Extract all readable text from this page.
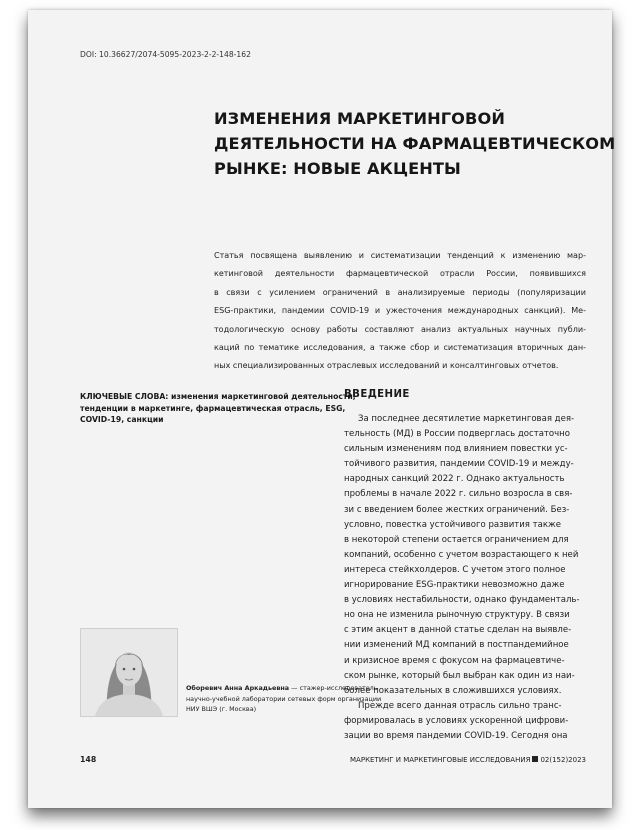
DOI: 10.36627/2074-5095-2023-2-2-148-162
ИЗМЕНЕНИЯ МАРКЕТИНГОВОЙ
ДЕЯТЕЛЬНОСТИ НА ФАРМАЦЕВТИЧЕСКОМ
РЫНКЕ: НОВЫЕ АКЦЕНТЫ
Статья посвящена выявлению и систематизации тенденций к изменению мар-
кетинговой деятельности фармацевтической отрасли России, появившихся
в связи с усилением ограничений в анализируемые периоды (популяризации
ESG-практики, пандемии COVID-19 и ужесточения международных санкций). Ме-
тодологическую основу работы составляют анализ актуальных научных публи-
каций по тематике исследования, а также сбор и систематизация вторичных дан-
ных специализированных отраслевых исследований и консалтинговых отчетов.
КЛЮЧЕВЫЕ СЛОВА: изменения маркетинговой деятельности,
тенденции в маркетинге, фармацевтическая отрасль, ESG,
COVID-19, санкции
Оборевич Анна Аркадьевна — стажер-исследователь
научно-учебной лаборатории сетевых форм организации
НИУ ВШЭ (г. Москва)
ВВЕДЕНИЕ
За последнее десятилетие маркетинговая дея-
тельность (МД) в России подверглась достаточно
сильным изменениям под влиянием повестки ус-
тойчивого развития, пандемии COVID-19 и между-
народных санкций 2022 г. Однако актуальность
проблемы в начале 2022 г. сильно возросла в свя-
зи с введением более жестких ограничений. Без-
условно, повестка устойчивого развития также
в некоторой степени остается ограничением для
компаний, особенно с учетом возрастающего к ней
интереса стейкхолдеров. С учетом этого полное
игнорирование ESG-практики невозможно даже
в условиях нестабильности, однако фундаменталь-
но она не изменила рыночную структуру. В связи
с этим акцент в данной статье сделан на выявле-
нии изменений МД компаний в постпандемийное
и кризисное время с фокусом на фармацевтиче-
ском рынке, который был выбран как один из наи-
более показательных в сложившихся условиях.
Прежде всего данная отрасль сильно транс-
формировалась в условиях ускоренной цифрови-
зации во время пандемии COVID-19. Сегодня она
148	МАРКЕТИНГ И МАРКЕТИНГОВЫЕ ИССЛЕДОВАНИЯ 02(152)2023
